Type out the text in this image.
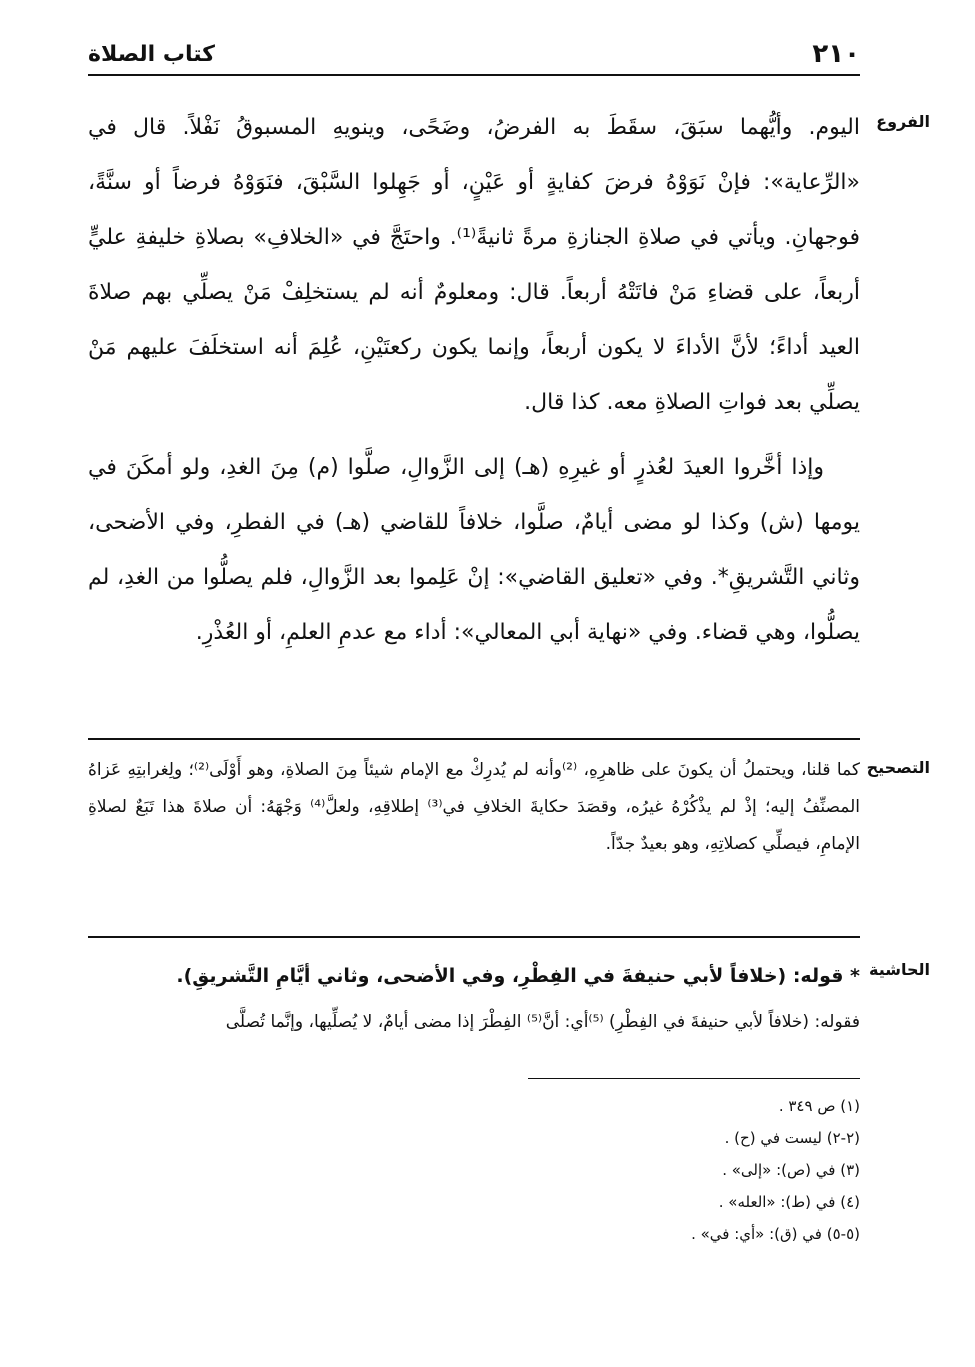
٢١٠
كتاب الصلاة
الفروع

اليوم. وأيُّهما سبَقَ، سقَطَ به الفرضُ، وضَحًى، وينويهِ المسبوقُ نَفْلاً. قال في «الرِّعاية»: فإنْ نَوَوْهُ فرضَ كفايةٍ أو عَيْنٍ، أو جَهِلوا السَّبْقَ، فنَوَوْهُ فرضاً أو سنَّةً، فوجهانِ. ويأتي في صلاةِ الجنازةِ مرةً ثانيةً⁽¹⁾. واحتَجَّ في «الخلافِ» بصلاةِ خليفةِ عليٍّ أربعاً، على قضاءِ مَنْ فاتَتْهُ أربعاً. قال: ومعلومٌ أنه لم يستخلِفْ مَنْ يصلِّي بهم صلاةَ العيد أداءً؛ لأنَّ الأداءَ لا يكون أربعاً، وإنما يكون ركعتَيْنِ، عُلِمَ أنه استخلَفَ عليهم مَنْ يصلِّي بعد فواتِ الصلاةِ معه. كذا قال.

وإذا أخَّروا العيدَ لعُذرٍ أو غيرِهِ (هـ) إلى الزَّوالِ، صلَّوا (م) مِنَ الغدِ، ولو أمكَنَ في يومها (ش) وكذا لو مضى أيامٌ، صلَّوا، خلافاً للقاضي (هـ) في الفطرِ، وفي الأضحى، وثاني التَّشريقِ*. وفي «تعليق القاضي»: إنْ عَلِموا بعد الزَّوالِ، فلم يصلُّوا من الغدِ، لم يصلُّوا، وهي قضاء. وفي «نهاية أبي المعالي»: أداء مع عدمِ العلمِ، أو العُذْرِ.

التصحيح
كما قلنا، ويحتملُ أن يكونَ على ظاهرِهِ، ⁽²⁾وأنه لم يُدرِكْ مع الإمام شيئاً مِنَ الصلاةِ، وهو أَوْلَى⁽²⁾؛ ولِغرابتِهِ عَزاهُ المصنِّفُ إليه؛ إذْ لم يذْكُرْهُ غيرُه، وقصَدَ حكايةَ الخلافِ في⁽³⁾ إطلاقِهِ، ولعلَّ⁽⁴⁾ وَجْهَهُ: أن صلاةَ هذا تَبَعٌ لصلاةِ الإمامِ، فيصلِّي كصلاتِهِ، وهو بعيدٌ جدّاً.
الحاشية
* قوله: (خلافاً لأبي حنيفةَ في الفِطْرِ، وفي الأضحى، وثاني أيَّامِ التَّشريقِ).
فقوله: (خلافاً لأبي حنيفةَ في الفِطْرِ) ⁽⁵⁾أي: أنَّ⁽⁵⁾ الفِطْرَ إذا مضى أيامٌ، لا يُصلِّيها، وإنَّما تُصلَّى
(١) ص ٣٤٩ .
(٢-٢) ليست في (ح) .
(٣) في (ص): «إلى» .
(٤) في (ط): «العله» .
(٥-٥) في (ق): «أي: في» .
